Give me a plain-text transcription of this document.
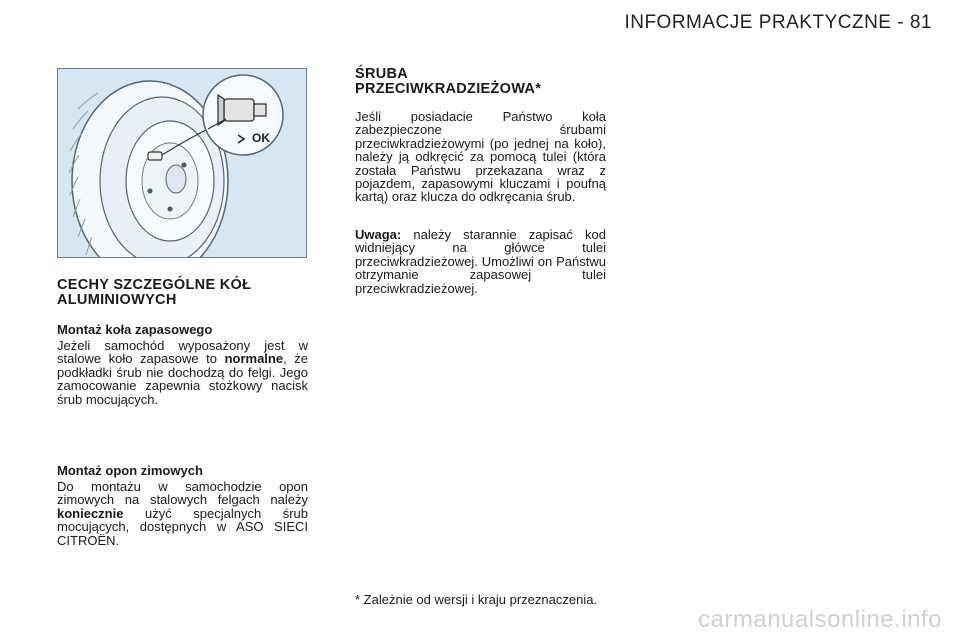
INFORMACJE PRAKTYCZNE - 81
OK
CECHY SZCZEGÓLNE KÓŁ
ALUMINIOWYCH
Montaż koła zapasowego
Jeżeli samochód wyposażony jest w stalowe koło zapasowe to normalne, że podkładki śrub nie dochodzą do felgi. Jego zamocowanie zapewnia stożkowy nacisk śrub mocujących.
Montaż opon zimowych
Do montażu w samochodzie opon zimowych na stalowych felgach należy koniecznie użyć specjalnych śrub mocujących, dostępnych w ASO SIECI CITROËN.
ŚRUBA
PRZECIWKRADZIEŻOWA*
Jeśli posiadacie Państwo koła zabezpieczone śrubami przeciwkradzieżowymi (po jednej na koło), należy ją odkręcić za pomocą tulei (która została Państwu przekazana wraz z pojazdem, zapasowymi kluczami i poufną kartą) oraz klucza do odkręcania śrub.
Uwaga: należy starannie zapisać kod widniejący na główce tulei przeciwkradzieżowej. Umożliwi on Państwu otrzymanie zapasowej tulei przeciwkradzieżowej.
* Zależnie od wersji i kraju przeznaczenia.
carmanualsonline.info
